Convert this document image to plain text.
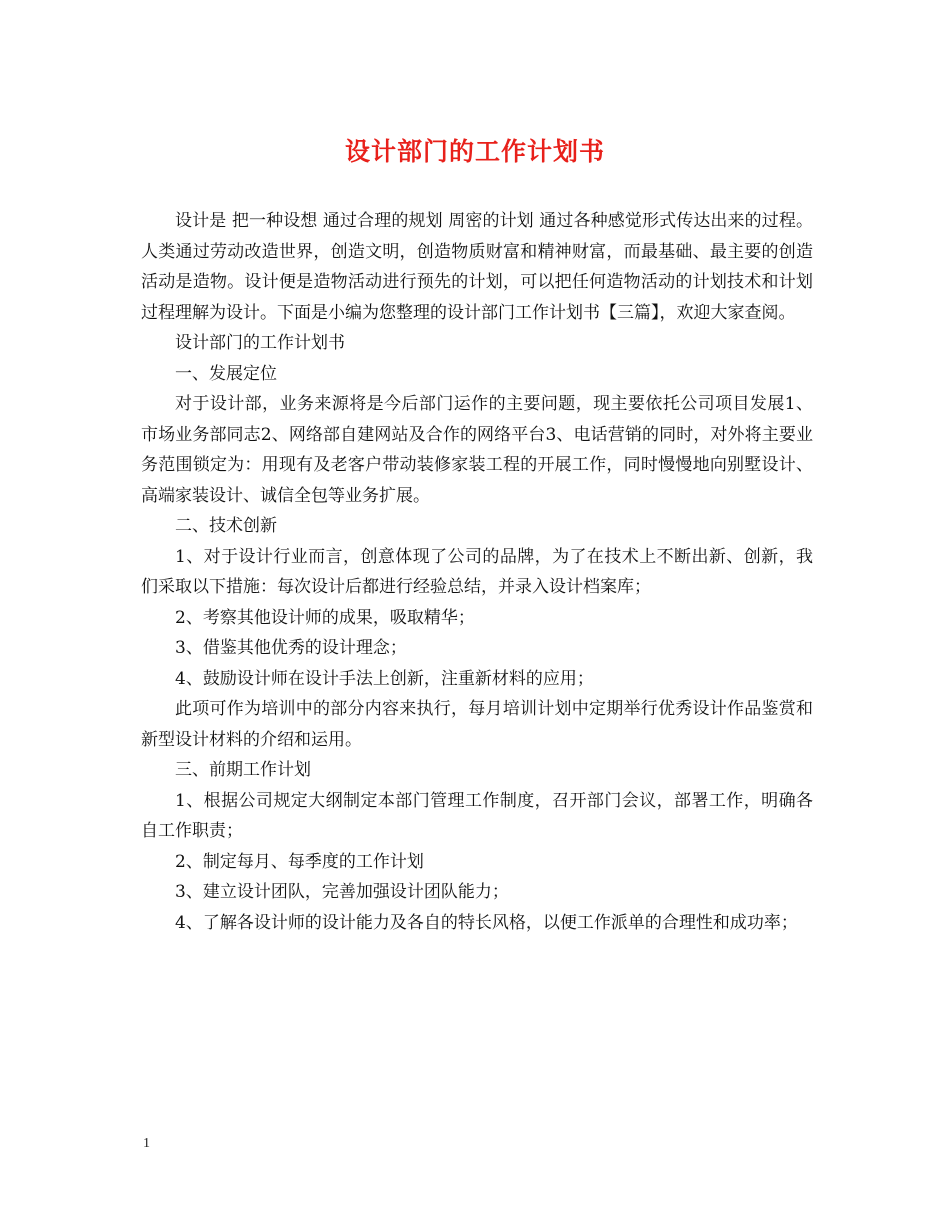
设计部门的工作计划书

设计是 把一种设想 通过合理的规划 周密的计划 通过各种感觉形式传达出来的过程。人类通过劳动改造世界，创造文明，创造物质财富和精神财富，而最基础、最主要的创造活动是造物。设计便是造物活动进行预先的计划，可以把任何造物活动的计划技术和计划过程理解为设计。下面是小编为您整理的设计部门工作计划书【三篇】，欢迎大家查阅。

设计部门的工作计划书

一、发展定位

对于设计部，业务来源将是今后部门运作的主要问题，现主要依托公司项目发展1、市场业务部同志2、网络部自建网站及合作的网络平台3、电话营销的同时，对外将主要业务范围锁定为：用现有及老客户带动装修家装工程的开展工作，同时慢慢地向别墅设计、高端家装设计、诚信全包等业务扩展。

二、技术创新

1、对于设计行业而言，创意体现了公司的品牌，为了在技术上不断出新、创新，我们采取以下措施：每次设计后都进行经验总结，并录入设计档案库；

2、考察其他设计师的成果，吸取精华；

3、借鉴其他优秀的设计理念；

4、鼓励设计师在设计手法上创新，注重新材料的应用；

此项可作为培训中的部分内容来执行，每月培训计划中定期举行优秀设计作品鉴赏和新型设计材料的介绍和运用。

三、前期工作计划

1、根据公司规定大纲制定本部门管理工作制度，召开部门会议，部署工作，明确各自工作职责；

2、制定每月、每季度的工作计划

3、建立设计团队，完善加强设计团队能力；

4、了解各设计师的设计能力及各自的特长风格，以便工作派单的合理性和成功率；

1
